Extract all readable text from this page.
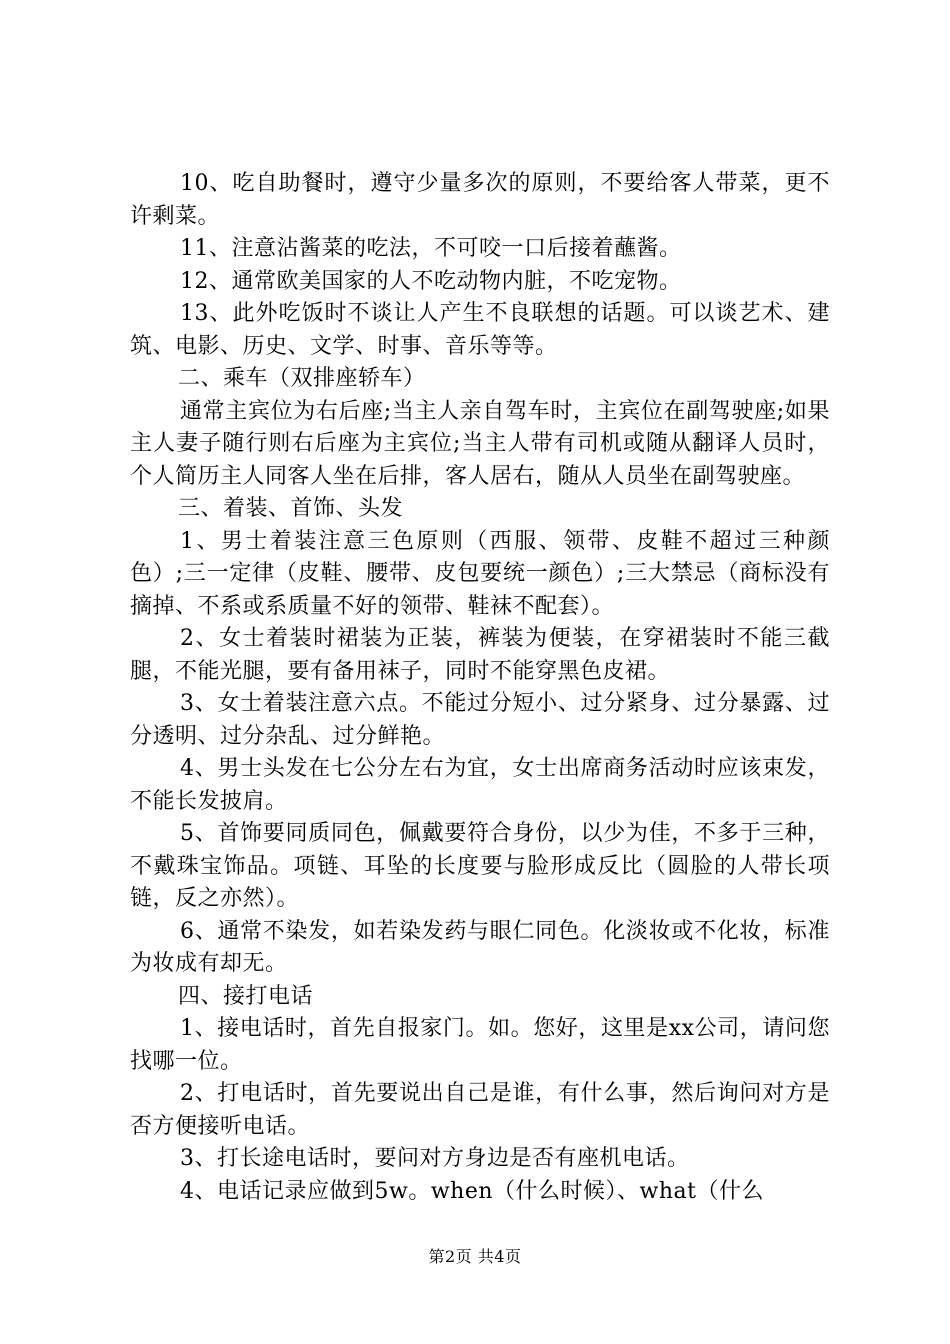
10、吃自助餐时，遵守少量多次的原则，不要给客人带菜，更不许剩菜。

11、注意沾酱菜的吃法，不可咬一口后接着蘸酱。

12、通常欧美国家的人不吃动物内脏，不吃宠物。

13、此外吃饭时不谈让人产生不良联想的话题。可以谈艺术、建筑、电影、历史、文学、时事、音乐等等。

二、乘车（双排座轿车）

通常主宾位为右后座;当主人亲自驾车时，主宾位在副驾驶座;如果主人妻子随行则右后座为主宾位;当主人带有司机或随从翻译人员时，个人简历主人同客人坐在后排，客人居右，随从人员坐在副驾驶座。

三、着装、首饰、头发

1、男士着装注意三色原则（西服、领带、皮鞋不超过三种颜色）;三一定律（皮鞋、腰带、皮包要统一颜色）;三大禁忌（商标没有摘掉、不系或系质量不好的领带、鞋袜不配套）。

2、女士着装时裙装为正装，裤装为便装，在穿裙装时不能三截腿，不能光腿，要有备用袜子，同时不能穿黑色皮裙。

3、女士着装注意六点。不能过分短小、过分紧身、过分暴露、过分透明、过分杂乱、过分鲜艳。

4、男士头发在七公分左右为宜，女士出席商务活动时应该束发，不能长发披肩。

5、首饰要同质同色，佩戴要符合身份，以少为佳，不多于三种，不戴珠宝饰品。项链、耳坠的长度要与脸形成反比（圆脸的人带长项链，反之亦然）。

6、通常不染发，如若染发药与眼仁同色。化淡妆或不化妆，标准为妆成有却无。

四、接打电话

1、接电话时，首先自报家门。如。您好，这里是xx公司，请问您找哪一位。

2、打电话时，首先要说出自己是谁，有什么事，然后询问对方是否方便接听电话。

3、打长途电话时，要问对方身边是否有座机电话。

4、电话记录应做到5w。when（什么时候）、what（什么

第2页 共4页
